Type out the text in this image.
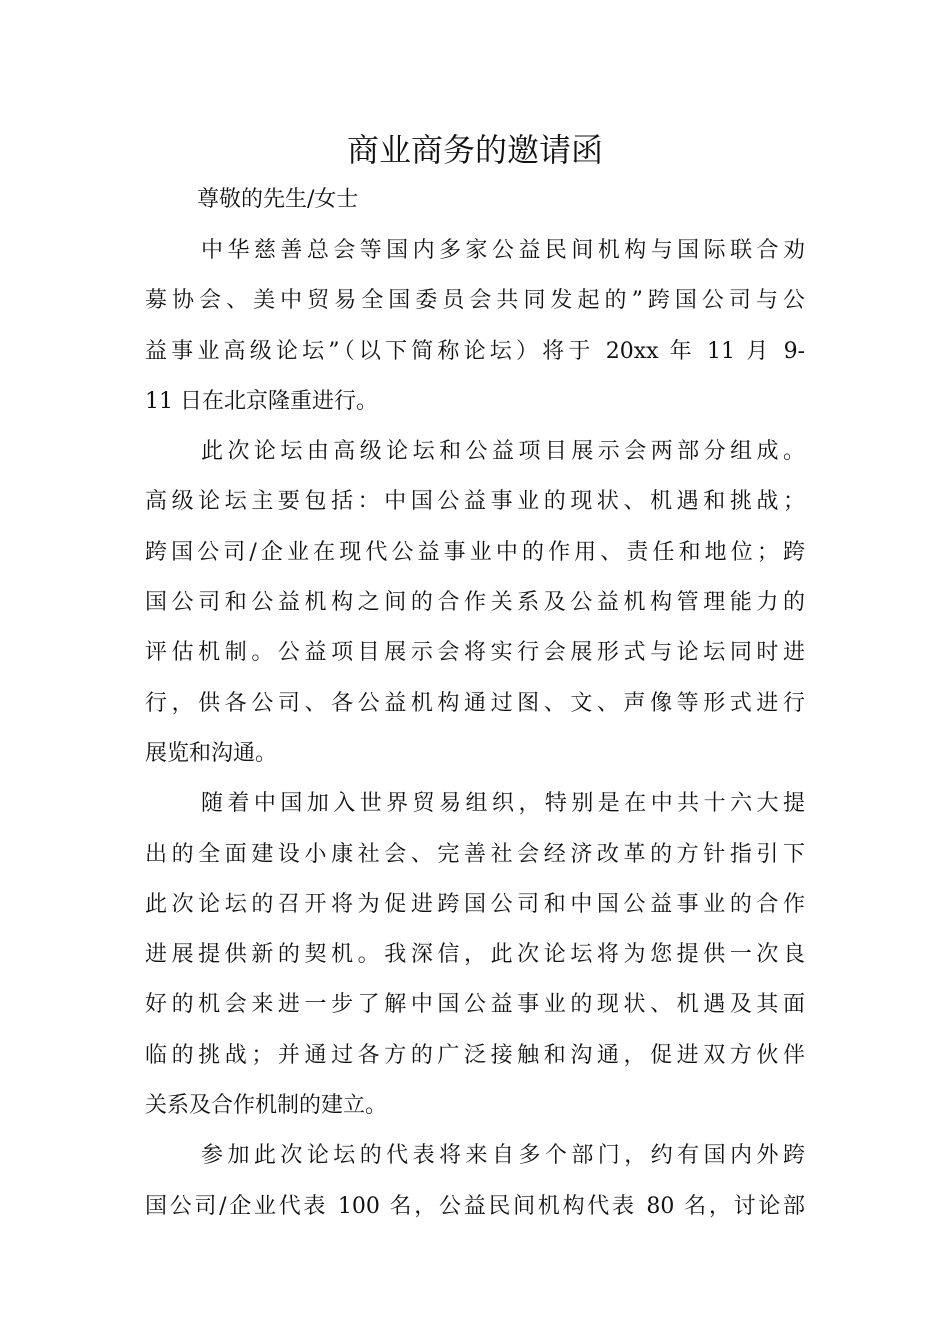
商业商务的邀请函
尊敬的先生/女士
中华慈善总会等国内多家公益民间机构与国际联合劝
募协会、美中贸易全国委员会共同发起的”跨国公司与公
益事业高级论坛”（以下简称论坛）将于 20xx 年 11 月 9-
11 日在北京隆重进行。
此次论坛由高级论坛和公益项目展示会两部分组成。
高级论坛主要包括：中国公益事业的现状、机遇和挑战；
跨国公司/企业在现代公益事业中的作用、责任和地位；跨
国公司和公益机构之间的合作关系及公益机构管理能力的
评估机制。公益项目展示会将实行会展形式与论坛同时进
行，供各公司、各公益机构通过图、文、声像等形式进行
展览和沟通。
随着中国加入世界贸易组织，特别是在中共十六大提
出的全面建设小康社会、完善社会经济改革的方针指引下
此次论坛的召开将为促进跨国公司和中国公益事业的合作
进展提供新的契机。我深信，此次论坛将为您提供一次良
好的机会来进一步了解中国公益事业的现状、机遇及其面
临的挑战；并通过各方的广泛接触和沟通，促进双方伙伴
关系及合作机制的建立。
参加此次论坛的代表将来自多个部门，约有国内外跨
国公司/企业代表 100 名，公益民间机构代表 80 名，讨论部
